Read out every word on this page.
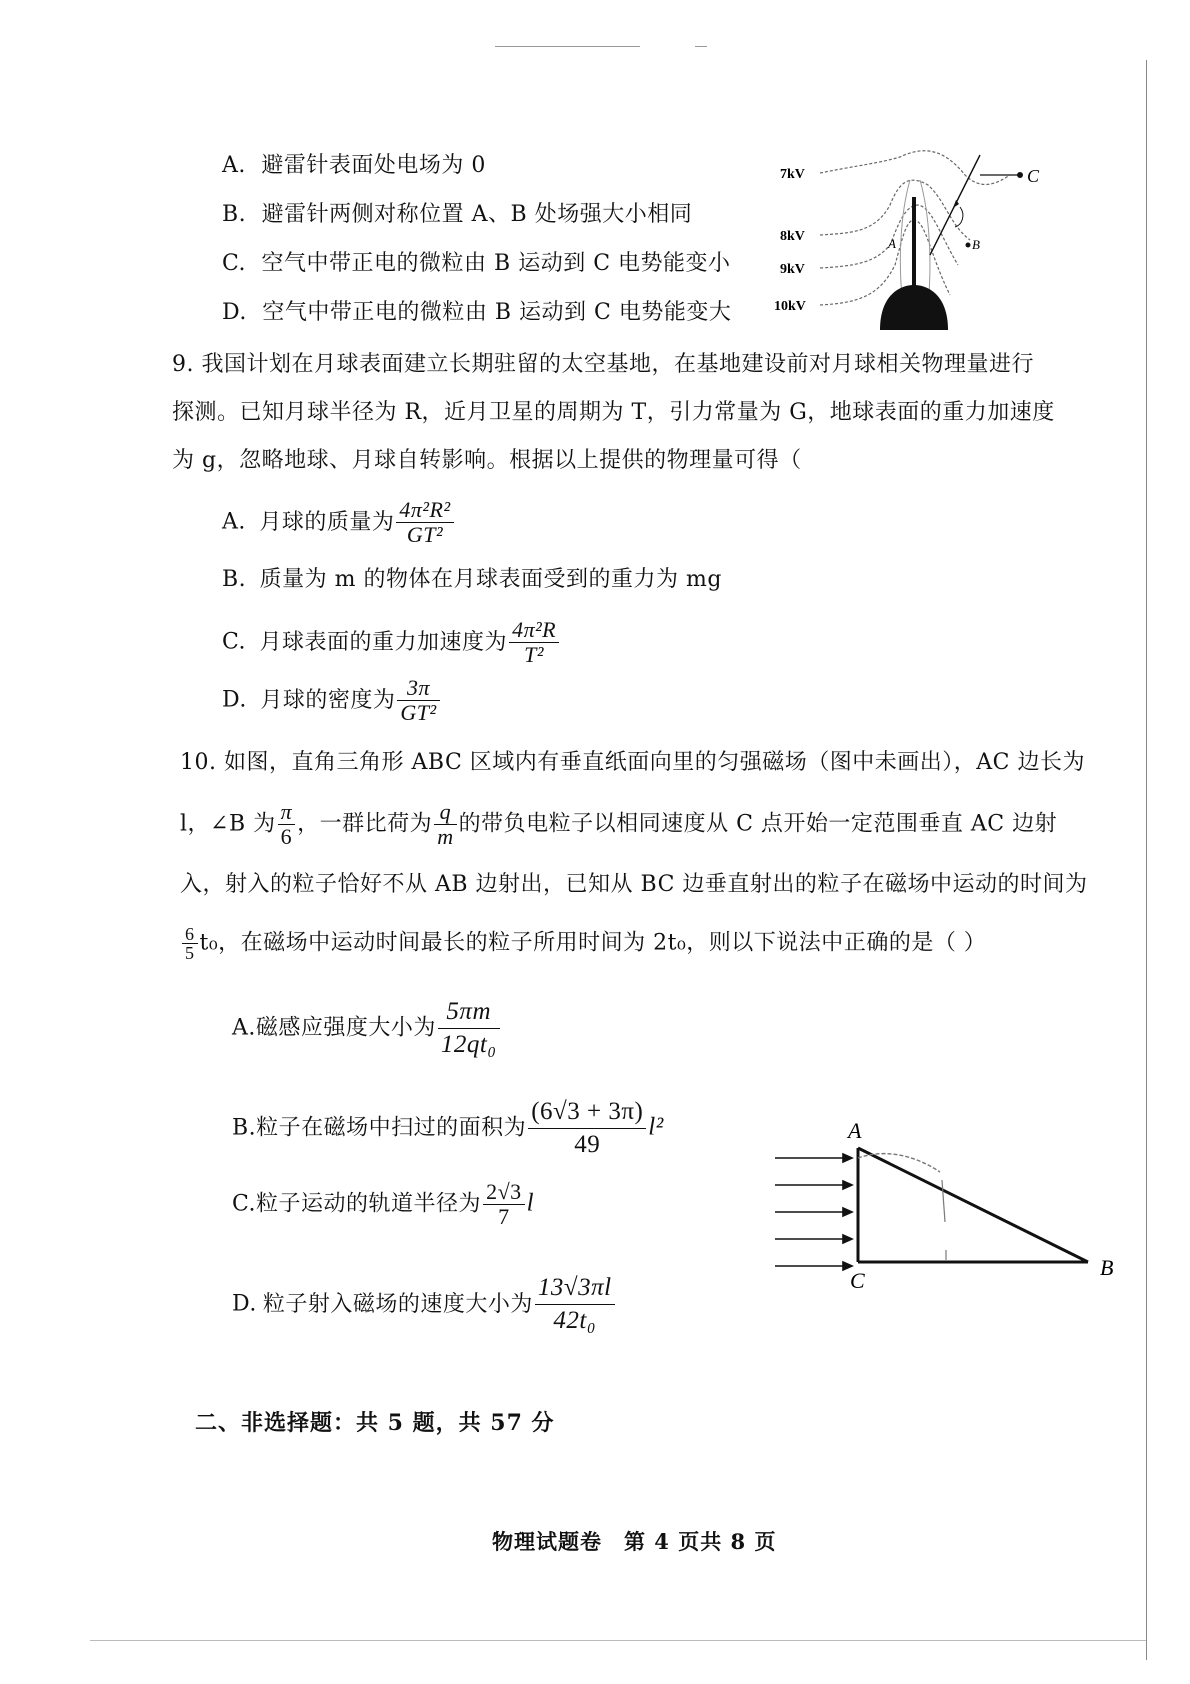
A. 避雷针表面处电场为 0
B. 避雷针两侧对称位置 A、B 处场强大小相同
C. 空气中带正电的微粒由 B 运动到 C 电势能变小
D. 空气中带正电的微粒由 B 运动到 C 电势能变大
7kV
8kV
9kV
10kV
A	B
C
9. 我国计划在月球表面建立长期驻留的太空基地，在基地建设前对月球相关物理量进行
探测。已知月球半径为 R，近月卫星的周期为 T，引力常量为 G，地球表面的重力加速度
为 g，忽略地球、月球自转影响。根据以上提供的物理量可得（
A. 月球的质量为 $\frac{\text{4π²R²}}{\text{GT²}}$
B. 质量为 m 的物体在月球表面受到的重力为 mg
C. 月球表面的重力加速度为 $\frac{\text{4π²R}}{\text{T²}}$
D. 月球的密度为 $\frac{3\pi}{\text{GT²}}$
10. 如图，直角三角形 ABC 区域内有垂直纸面向里的匀强磁场（图中未画出），AC 边长为
l，∠B 为 $\frac{\pi}{6}$ ，一群比荷为 $\frac{q}{m}$ 的带负电粒子以相同速度从 C 点开始一定范围垂直 AC 边射
入，射入的粒子恰好不从 AB 边射出，已知从 BC 边垂直射出的粒子在磁场中运动的时间为
$\frac{6}{5} t_0$，在磁场中运动时间最长的粒子所用时间为 2t₀，则以下说法中正确的是（ ）
A.磁感应强度大小为 $\frac{5\pi m}{\text{12qt₀}}$
B.粒子在磁场中扫过的面积为 $\frac{(6√3 + 3\pi)}{49} l^2$
C.粒子运动的轨道半径为 $\frac{2√3}{7}$ l
D. 粒子射入磁场的速度大小为 $\frac{13√3\pi l}{\text{42t₀}}$
A
B
C
二、非选择题：共 5 题，共 57 分
物理试题卷　第 4 页共 8 页
